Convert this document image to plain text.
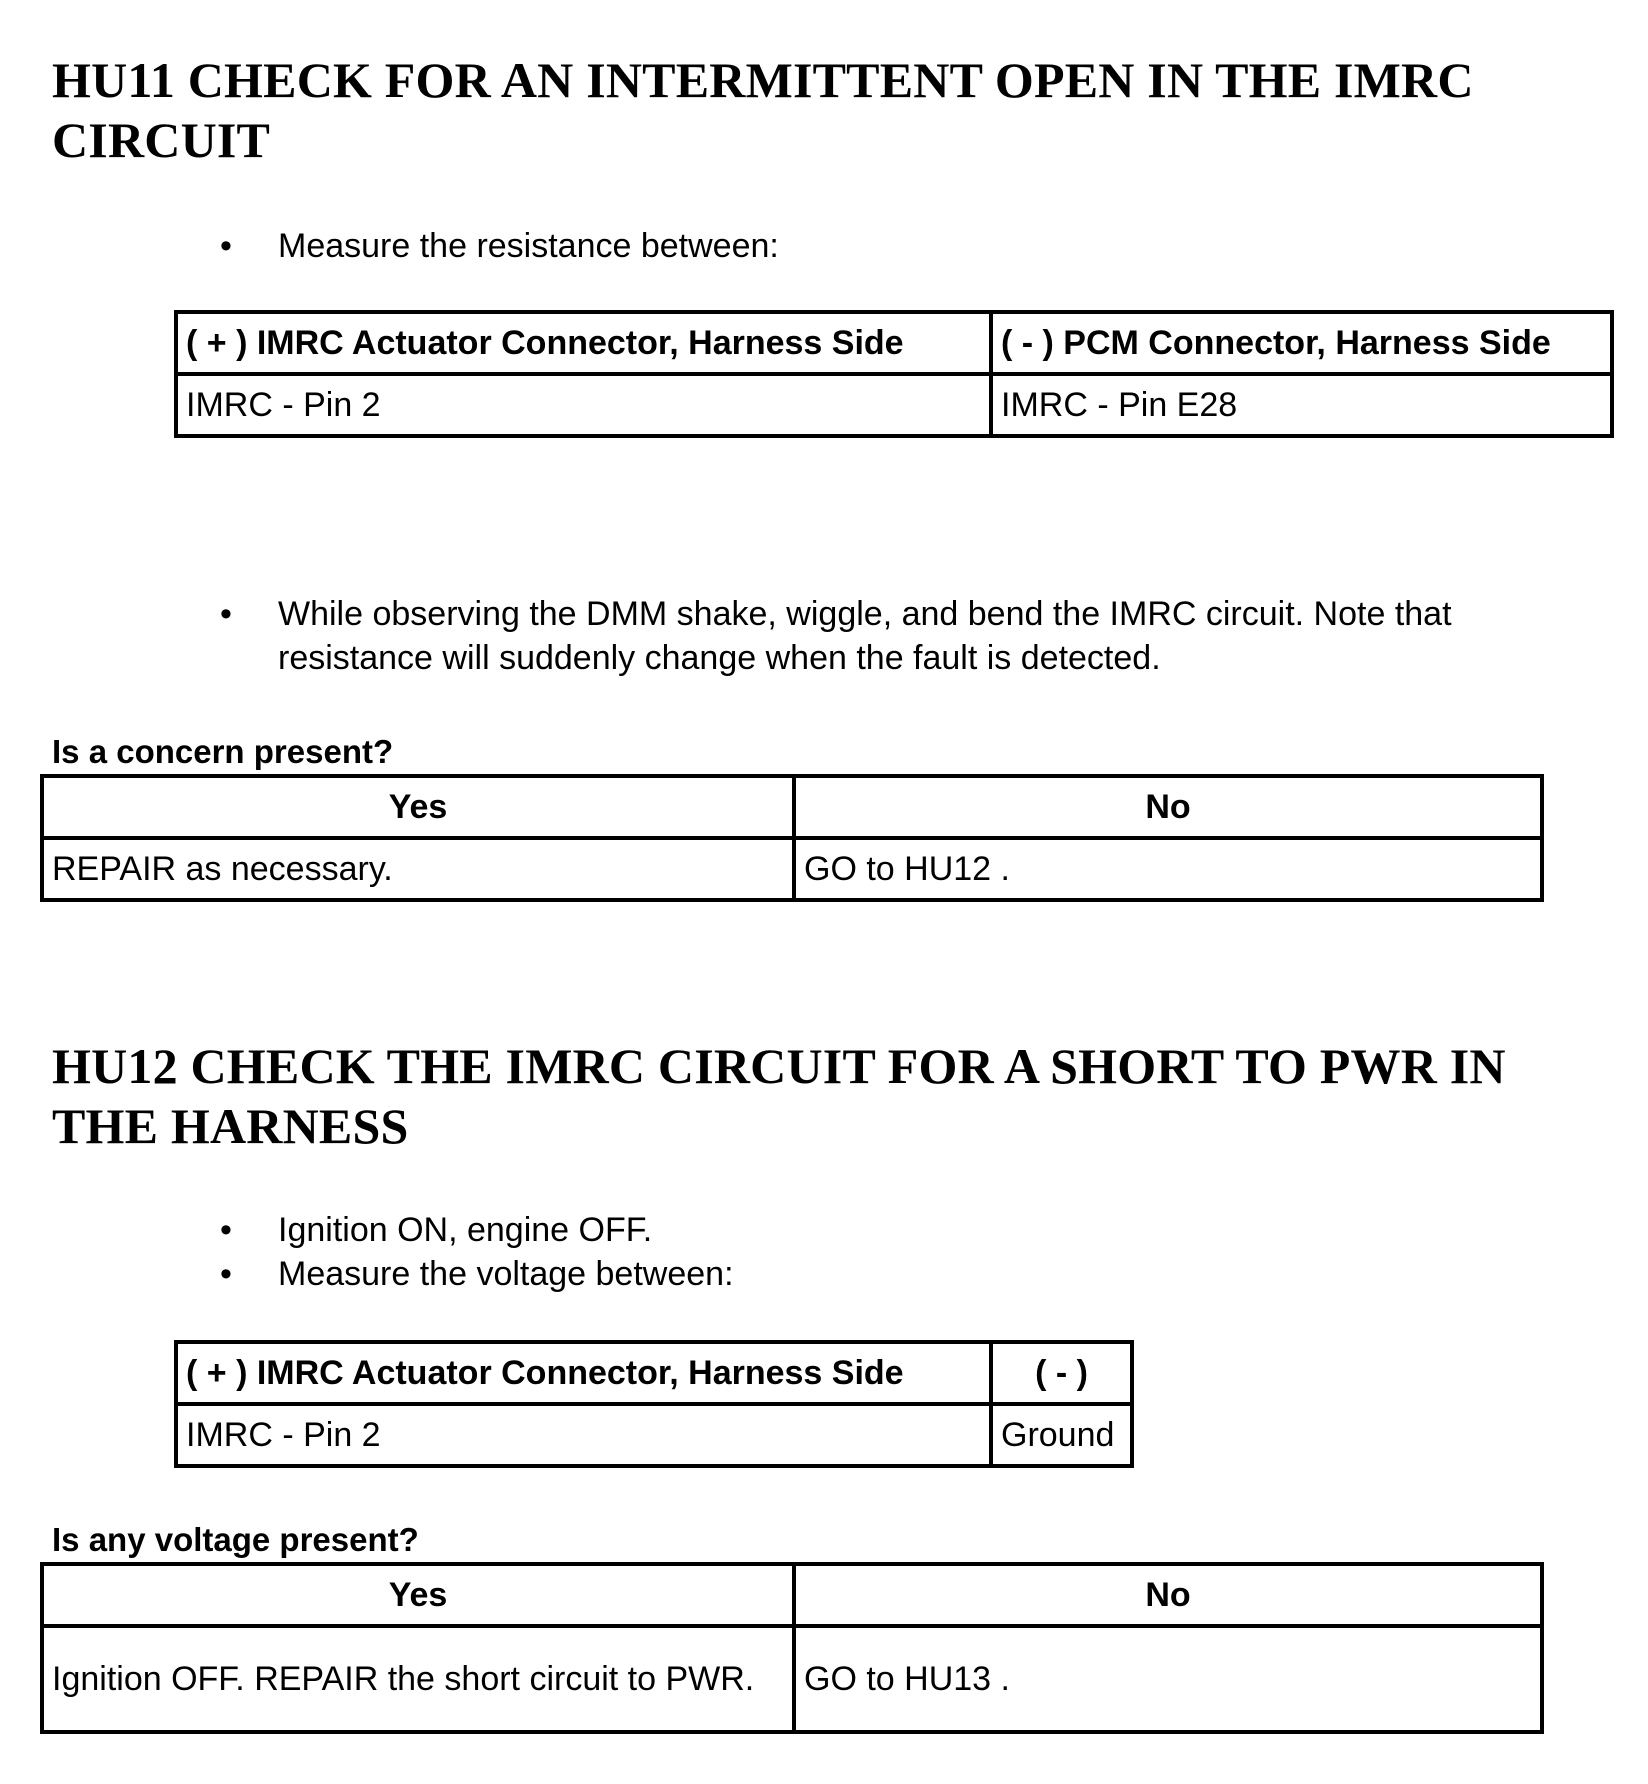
HU11 CHECK FOR AN INTERMITTENT OPEN IN THE IMRC CIRCUIT
•	Measure the resistance between:
( + ) IMRC Actuator Connector, Harness Side	( - ) PCM Connector, Harness Side
IMRC - Pin 2	IMRC - Pin E28
•	While observing the DMM shake, wiggle, and bend the IMRC circuit. Note that resistance will suddenly change when the fault is detected.

Is a concern present?

Yes	No
REPAIR as necessary.	GO to HU12 .
HU12 CHECK THE IMRC CIRCUIT FOR A SHORT TO PWR IN THE HARNESS
•	Ignition ON, engine OFF.
•	Measure the voltage between:
( + ) IMRC Actuator Connector, Harness Side	( - )
IMRC - Pin 2	Ground

Is any voltage present?

Yes	No
Ignition OFF. REPAIR the short circuit to PWR.	GO to HU13 .
